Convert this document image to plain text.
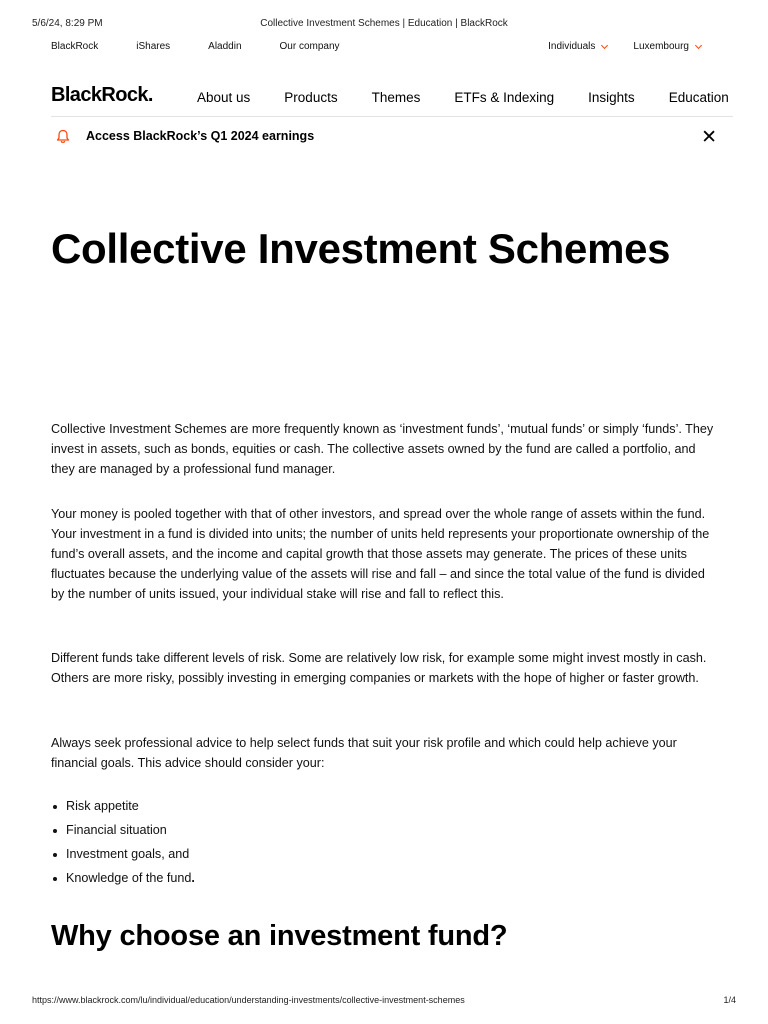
5/6/24, 8:29 PM	Collective Investment Schemes | Education | BlackRock
BlackRock	iShares	Aladdin	Our company	Individuals	Luxembourg
BlackRock.	About us	Products	Themes	ETFs & Indexing	Insights	Education
Access BlackRock’s Q1 2024 earnings	✕
Collective Investment Schemes

Collective Investment Schemes are more frequently known as ‘investment funds’, ‘mutual funds’ or simply ‘funds’. They invest in assets, such as bonds, equities or cash. The collective assets owned by the fund are called a portfolio, and they are managed by a professional fund manager.

Your money is pooled together with that of other investors, and spread over the whole range of assets within the fund. Your investment in a fund is divided into units; the number of units held represents your proportionate ownership of the fund’s overall assets, and the income and capital growth that those assets may generate. The prices of these units fluctuates because the underlying value of the assets will rise and fall – and since the total value of the fund is divided by the number of units issued, your individual stake will rise and fall to reflect this.

Different funds take different levels of risk. Some are relatively low risk, for example some might invest mostly in cash. Others are more risky, possibly investing in emerging companies or markets with the hope of higher or faster growth.

Always seek professional advice to help select funds that suit your risk profile and which could help achieve your financial goals. This advice should consider your:

Risk appetite
Financial situation
Investment goals, and
Knowledge of the fund.
Why choose an investment fund?
https://www.blackrock.com/lu/individual/education/understanding-investments/collective-investment-schemes	1/4
